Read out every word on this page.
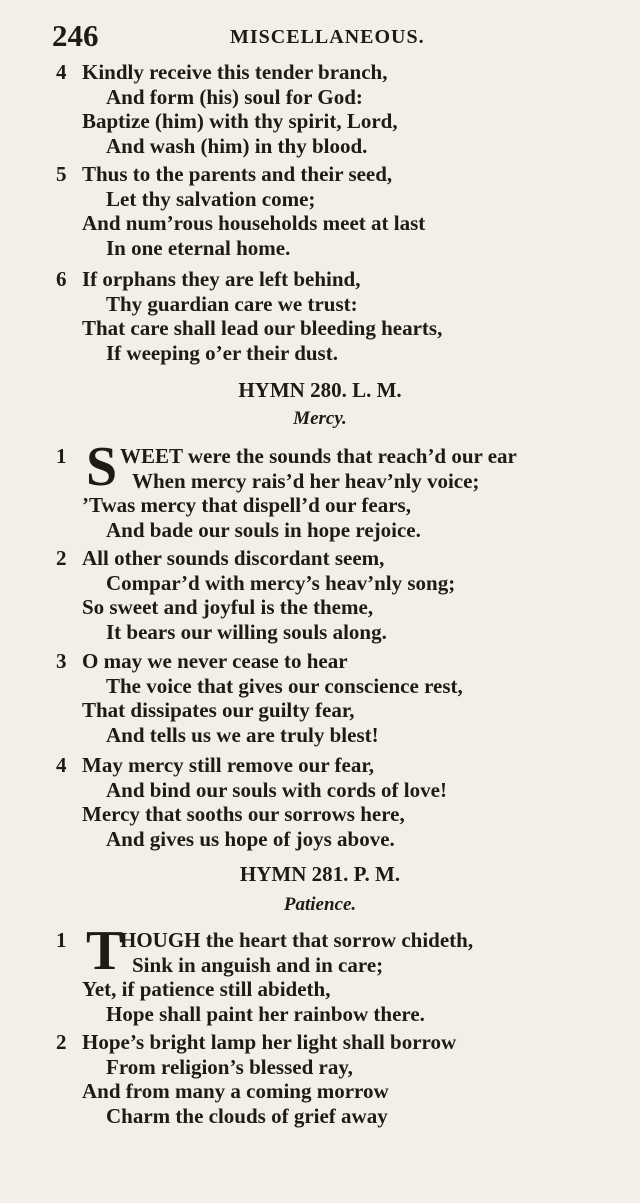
246	MISCELLANEOUS.
4 Kindly receive this tender branch,
And form (his) soul for God:
Baptize (him) with thy spirit, Lord,
And wash (him) in thy blood.
5 Thus to the parents and their seed,
Let thy salvation come;
And num’rous households meet at last
In one eternal home.
6 If orphans they are left behind,
Thy guardian care we trust:
That care shall lead our bleeding hearts,
If weeping o’er their dust.
HYMN 280. L. M.
Mercy.
1 S WEET were the sounds that reach’d our ear
When mercy rais’d her heav’nly voice;
’Twas mercy that dispell’d our fears,
And bade our souls in hope rejoice.
2 All other sounds discordant seem,
Compar’d with mercy’s heav’nly song;
So sweet and joyful is the theme,
It bears our willing souls along.
3 O may we never cease to hear
The voice that gives our conscience rest,
That dissipates our guilty fear,
And tells us we are truly blest!
4 May mercy still remove our fear,
And bind our souls with cords of love!
Mercy that sooths our sorrows here,
And gives us hope of joys above.
HYMN 281. P. M.
Patience.
1 T
HOUGH the heart that sorrow chideth,
Sink in anguish and in care;
Yet, if patience still abideth,
Hope shall paint her rainbow there.
2 Hope’s bright lamp her light shall borrow
From religion’s blessed ray,
And from many a coming morrow
Charm the clouds of grief away
